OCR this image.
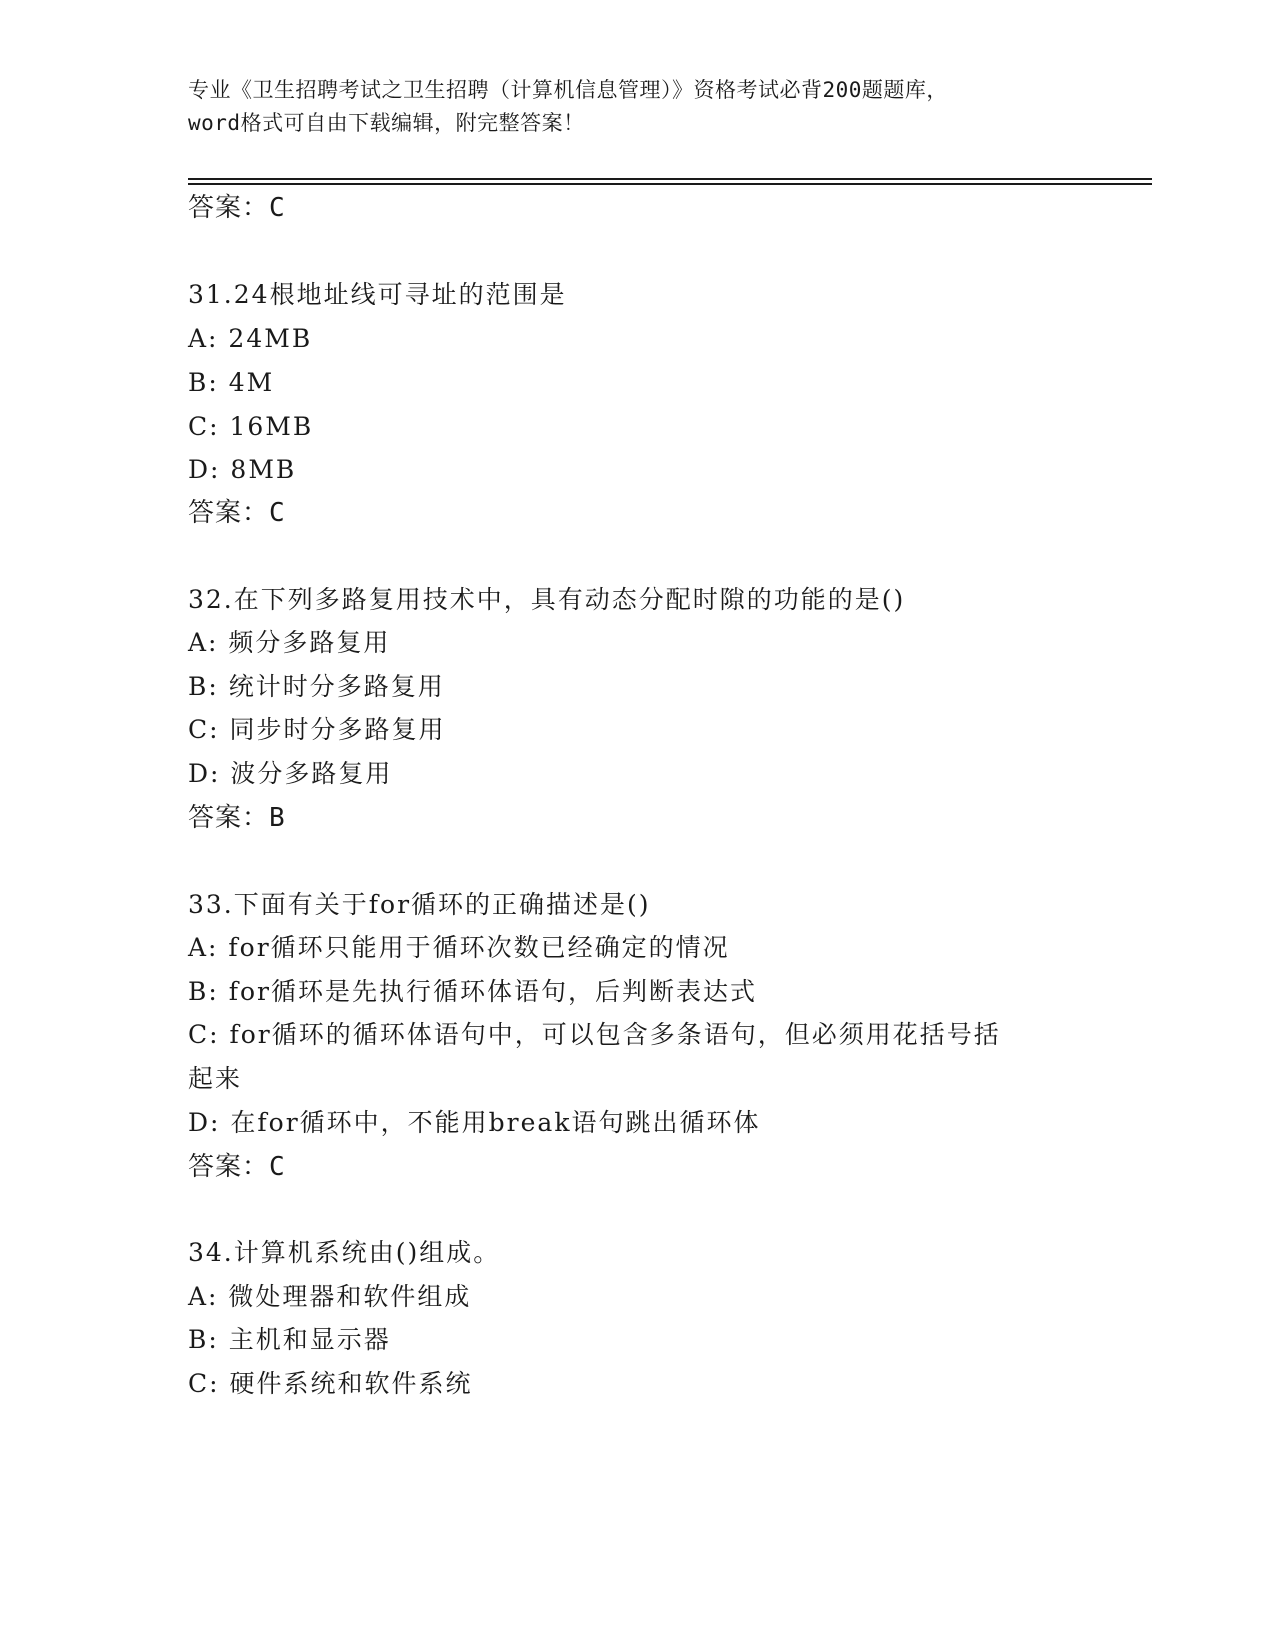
专业《卫生招聘考试之卫生招聘（计算机信息管理）》资格考试必背200题题库，
word格式可自由下载编辑，附完整答案！
答案：C
31.24根地址线可寻址的范围是
A: 24MB
B: 4M
C: 16MB
D: 8MB
答案：C
32.在下列多路复用技术中，具有动态分配时隙的功能的是()
A: 频分多路复用
B: 统计时分多路复用
C: 同步时分多路复用
D: 波分多路复用
答案：B
33.下面有关于for循环的正确描述是()
A: for循环只能用于循环次数已经确定的情况
B: for循环是先执行循环体语句，后判断表达式
C: for循环的循环体语句中，可以包含多条语句，但必须用花括号括
起来
D: 在for循环中，不能用break语句跳出循环体
答案：C
34.计算机系统由()组成。
A: 微处理器和软件组成
B: 主机和显示器
C: 硬件系统和软件系统
